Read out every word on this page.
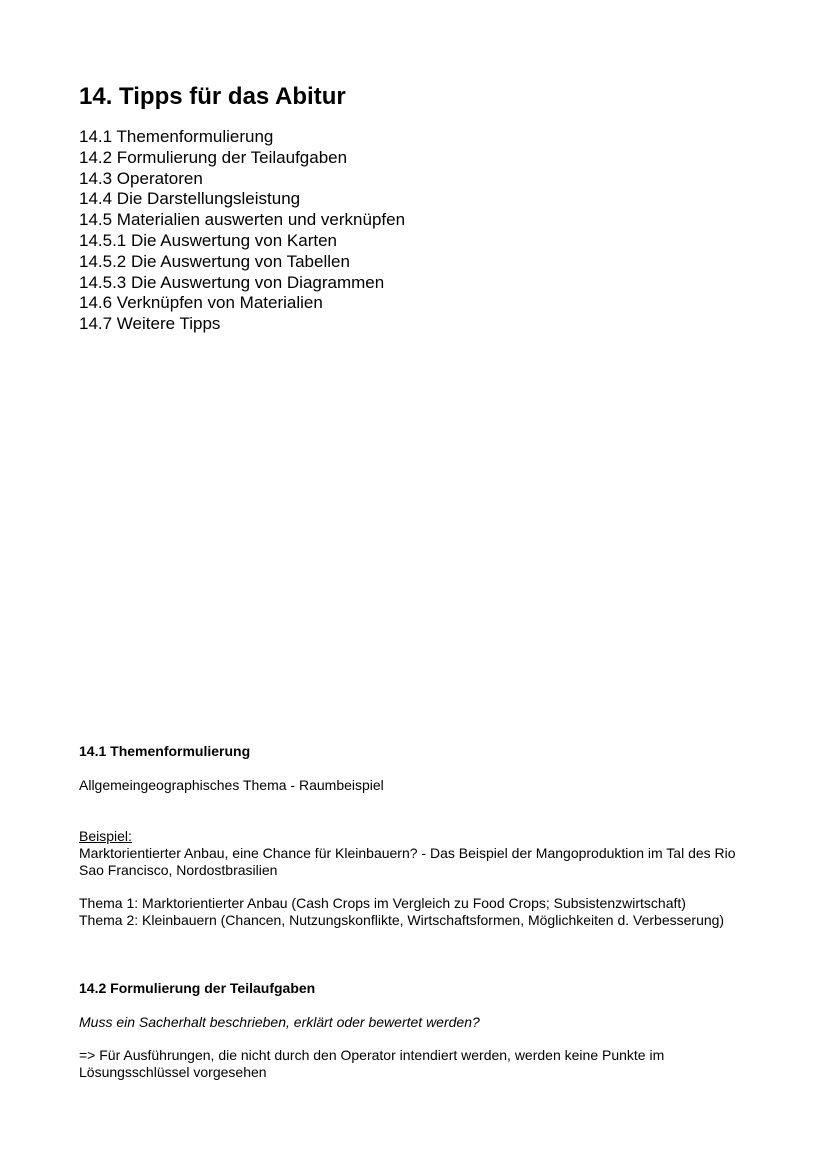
14. Tipps für das Abitur
14.1 Themenformulierung
14.2 Formulierung der Teilaufgaben
14.3 Operatoren
14.4 Die Darstellungsleistung
14.5 Materialien auswerten und verknüpfen
14.5.1 Die Auswertung von Karten
14.5.2 Die Auswertung von Tabellen
14.5.3 Die Auswertung von Diagrammen
14.6 Verknüpfen von Materialien
14.7 Weitere Tipps

14.1 Themenformulierung

Allgemeingeographisches Thema - Raumbeispiel

Beispiel:

Marktorientierter Anbau, eine Chance für Kleinbauern? - Das Beispiel der Mangoproduktion im Tal des Rio Sao Francisco, Nordostbrasilien

Thema 1: Marktorientierter Anbau (Cash Crops im Vergleich zu Food Crops; Subsistenzwirtschaft)

Thema 2: Kleinbauern (Chancen, Nutzungskonflikte, Wirtschaftsformen, Möglichkeiten d. Verbesserung)

14.2 Formulierung der Teilaufgaben

Muss ein Sacherhalt beschrieben, erklärt oder bewertet werden?

=> Für Ausführungen, die nicht durch den Operator intendiert werden, werden keine Punkte im Lösungsschlüssel vorgesehen
